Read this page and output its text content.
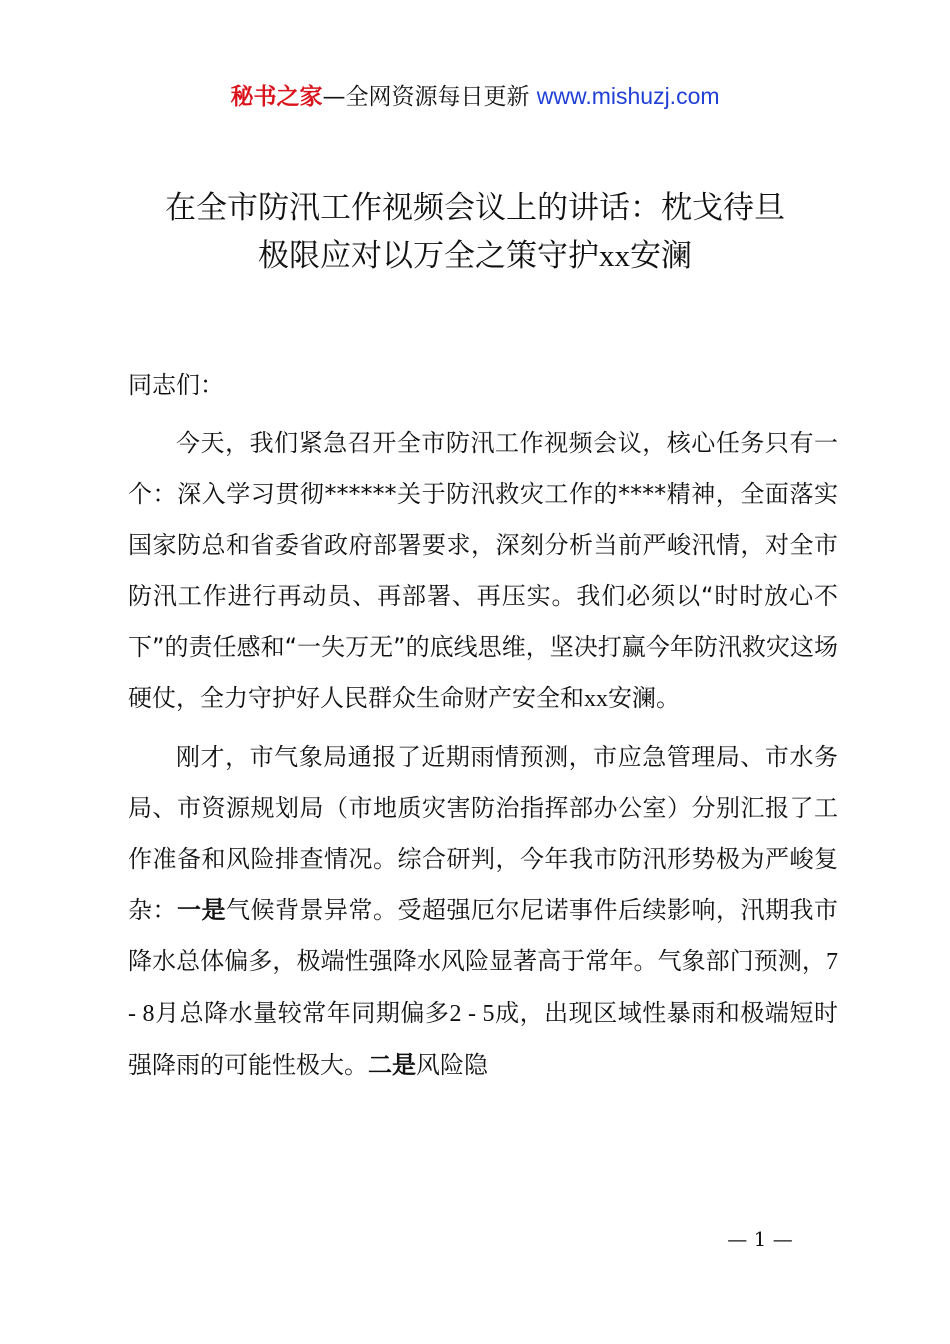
秘书之家—全网资源每日更新 www.mishuzj.com
在全市防汛工作视频会议上的讲话：枕戈待旦
极限应对以万全之策守护xx安澜

同志们：

今天，我们紧急召开全市防汛工作视频会议，核心任务只有一个：深入学习贯彻******关于防汛救灾工作的****精神，全面落实国家防总和省委省政府部署要求，深刻分析当前严峻汛情，对全市防汛工作进行再动员、再部署、再压实。我们必须以“时时放心不下”的责任感和“一失万无”的底线思维，坚决打赢今年防汛救灾这场硬仗，全力守护好人民群众生命财产安全和xx安澜。

刚才，市气象局通报了近期雨情预测，市应急管理局、市水务局、市资源规划局（市地质灾害防治指挥部办公室）分别汇报了工作准备和风险排查情况。综合研判，今年我市防汛形势极为严峻复杂：一是气候背景异常。受超强厄尔尼诺事件后续影响，汛期我市降水总体偏多，极端性强降水风险显著高于常年。气象部门预测，7 - 8月总降水量较常年同期偏多2 - 5成，出现区域性暴雨和极端短时强降雨的可能性极大。二是风险隐

— 1 —
